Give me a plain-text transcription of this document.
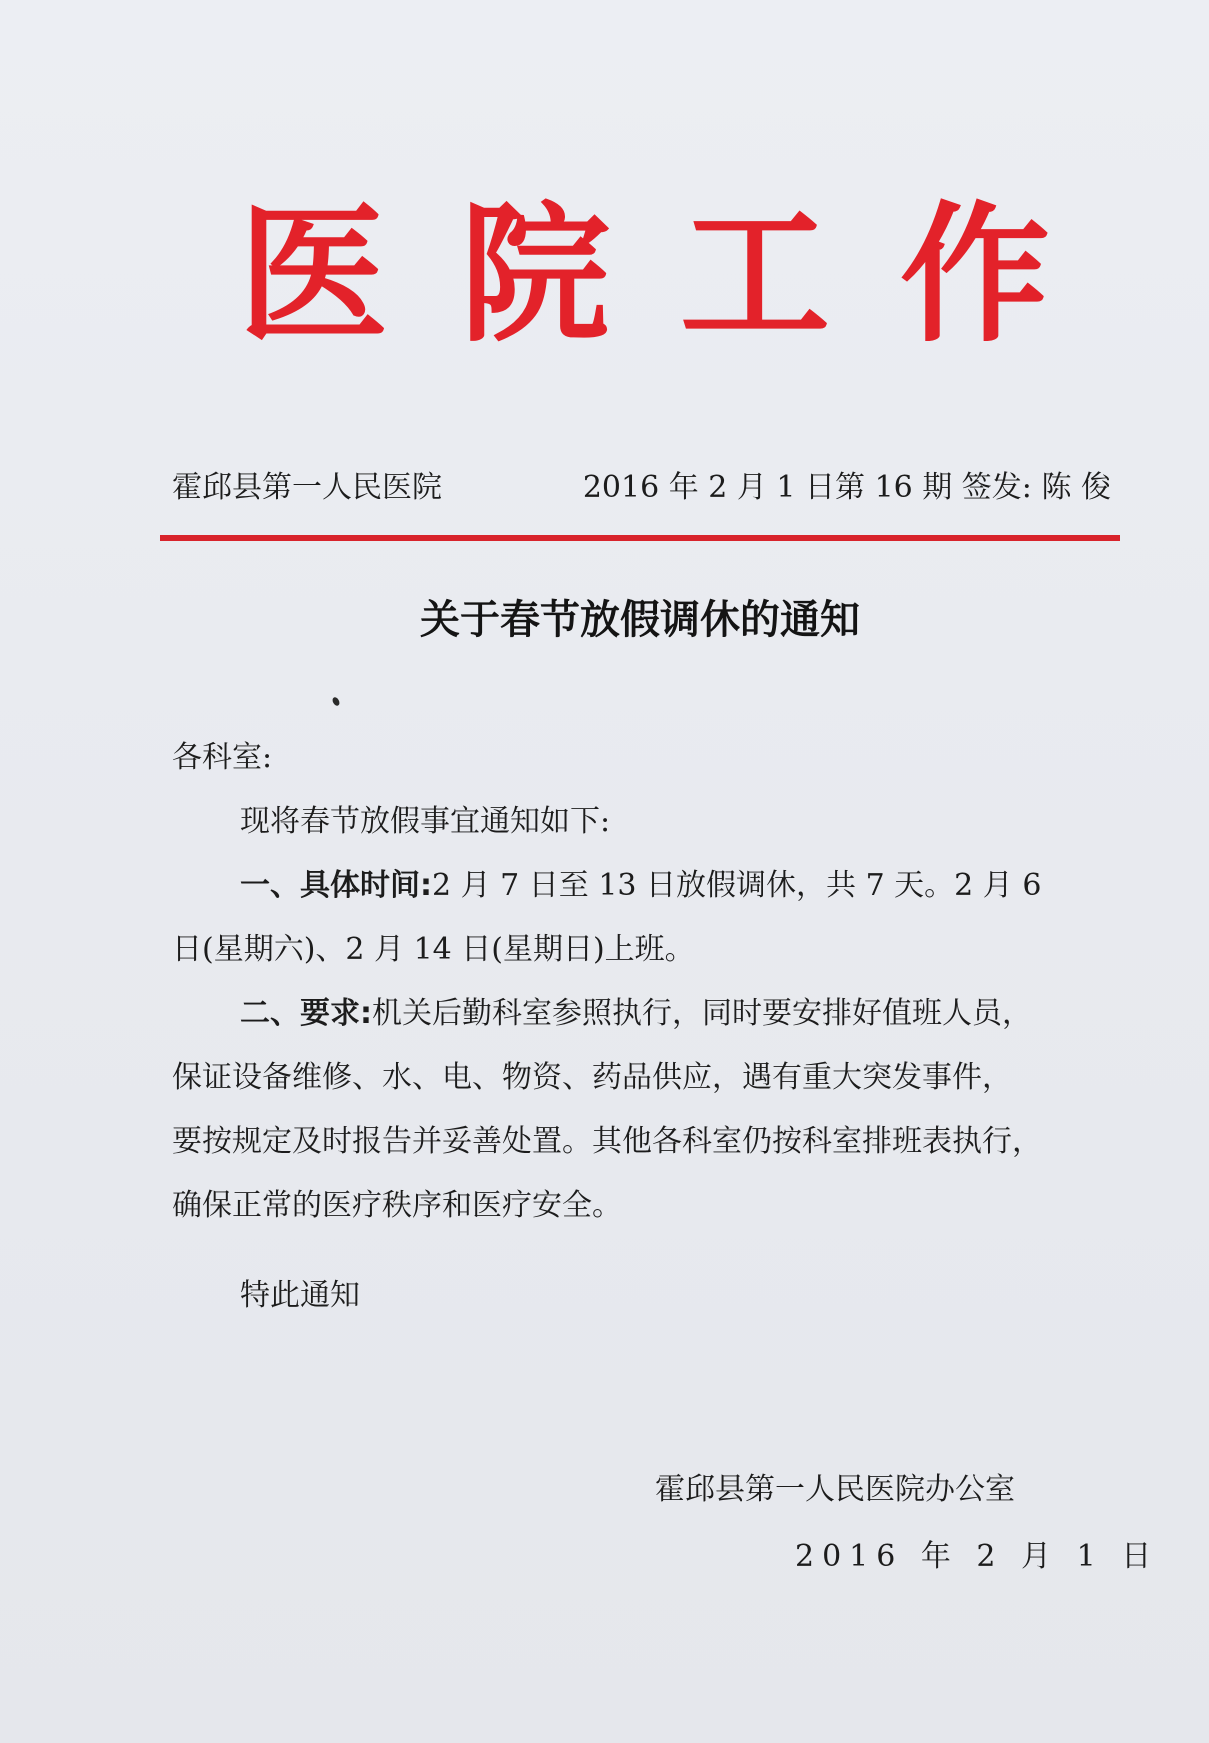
医 院 工 作
霍邱县第一人民医院	2016 年 2 月 1 日第 16 期 签发: 陈 俊
关于春节放假调休的通知
各科室:
现将春节放假事宜通知如下:
一、具体时间:2 月 7 日至 13 日放假调休，共 7 天。2 月 6
日(星期六)、2 月 14 日(星期日)上班。
二、要求:机关后勤科室参照执行，同时要安排好值班人员，
保证设备维修、水、电、物资、药品供应，遇有重大突发事件，
要按规定及时报告并妥善处置。其他各科室仍按科室排班表执行，
确保正常的医疗秩序和医疗安全。
特此通知
霍邱县第一人民医院办公室
2016 年 2 月 1 日
